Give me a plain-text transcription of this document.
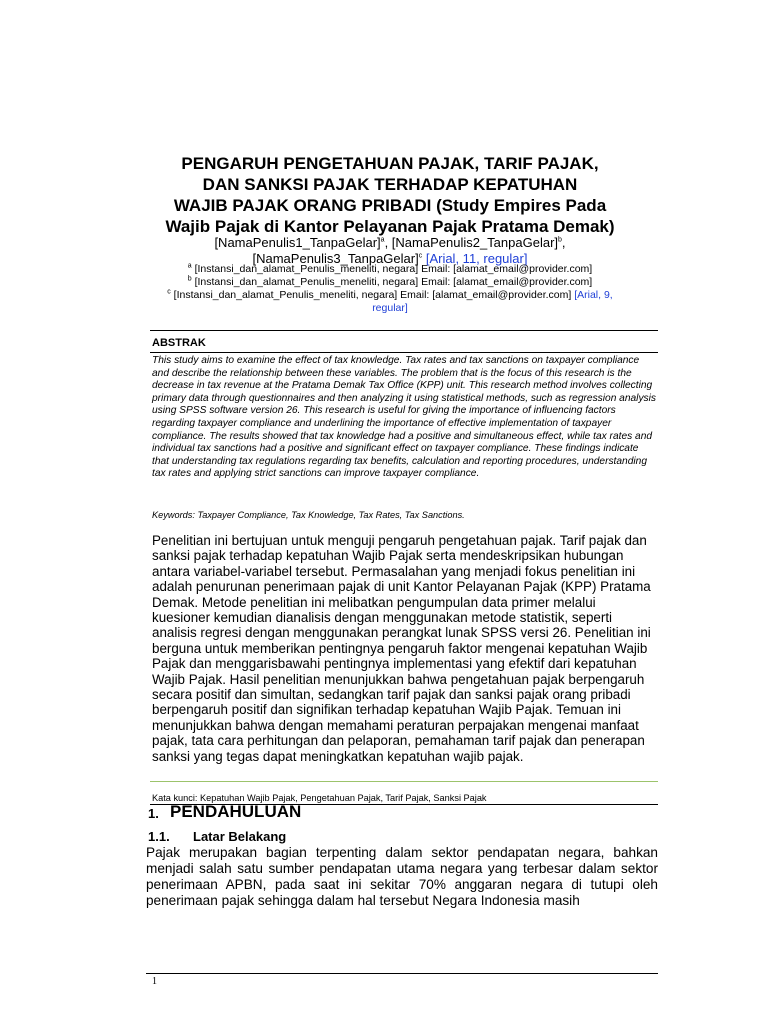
PENGARUH PENGETAHUAN PAJAK, TARIF PAJAK,
DAN SANKSI PAJAK TERHADAP KEPATUHAN
WAJIB PAJAK ORANG PRIBADI (Study Empires Pada
Wajib Pajak di Kantor Pelayanan Pajak Pratama Demak)
[NamaPenulis1_TanpaGelar]$^a$, [NamaPenulis2_TanpaGelar]$^b$,
[NamaPenulis3_TanpaGelar]$^c$ [Arial, 11, regular]
$^a$ [Instansi_dan_alamat_Penulis_meneliti, negara] Email: [alamat_email@provider.com]
$^b$ [Instansi_dan_alamat_Penulis_meneliti, negara] Email: [alamat_email@provider.com]
$^c$ [Instansi_dan_alamat_Penulis_meneliti, negara] Email: [alamat_email@provider.com] [Arial, 9,
regular]
ABSTRAK
This study aims to examine the effect of tax knowledge. Tax rates and tax sanctions on taxpayer compliance and describe the relationship between these variables. The problem that is the focus of this research is the decrease in tax revenue at the Pratama Demak Tax Office (KPP) unit. This research method involves collecting primary data through questionnaires and then analyzing it using statistical methods, such as regression analysis using SPSS software version 26. This research is useful for giving the importance of influencing factors regarding taxpayer compliance and underlining the importance of effective implementation of taxpayer compliance. The results showed that tax knowledge had a positive and simultaneous effect, while tax rates and individual tax sanctions had a positive and significant effect on taxpayer compliance. These findings indicate that understanding tax regulations regarding tax benefits, calculation and reporting procedures, understanding tax rates and applying strict sanctions can improve taxpayer compliance.
Keywords: Taxpayer Compliance, Tax Knowledge, Tax Rates, Tax Sanctions.
Penelitian ini bertujuan untuk menguji pengaruh pengetahuan pajak. Tarif pajak dan sanksi pajak terhadap kepatuhan Wajib Pajak serta mendeskripsikan hubungan antara variabel-variabel tersebut. Permasalahan yang menjadi fokus penelitian ini adalah penurunan penerimaan pajak di unit Kantor Pelayanan Pajak (KPP) Pratama Demak. Metode penelitian ini melibatkan pengumpulan data primer melalui kuesioner kemudian dianalisis dengan menggunakan metode statistik, seperti analisis regresi dengan menggunakan perangkat lunak SPSS versi 26. Penelitian ini berguna untuk memberikan pentingnya pengaruh faktor mengenai kepatuhan Wajib Pajak dan menggarisbawahi pentingnya implementasi yang efektif dari kepatuhan Wajib Pajak. Hasil penelitian menunjukkan bahwa pengetahuan pajak berpengaruh secara positif dan simultan, sedangkan tarif pajak dan sanksi pajak orang pribadi berpengaruh positif dan signifikan terhadap kepatuhan Wajib Pajak. Temuan ini menunjukkan bahwa dengan memahami peraturan perpajakan mengenai manfaat pajak, tata cara perhitungan dan pelaporan, pemahaman tarif pajak dan penerapan sanksi yang tegas dapat meningkatkan kepatuhan wajib pajak.
Kata kunci: Kepatuhan Wajib Pajak, Pengetahuan Pajak, Tarif Pajak, Sanksi Pajak
1. PENDAHULUAN
1.1. Latar Belakang
Pajak merupakan bagian terpenting dalam sektor pendapatan negara, bahkan menjadi salah satu sumber pendapatan utama negara yang terbesar dalam sektor penerimaan APBN, pada saat ini sekitar 70% anggaran negara di tutupi oleh penerimaan pajak sehingga dalam hal tersebut Negara Indonesia masih
1
